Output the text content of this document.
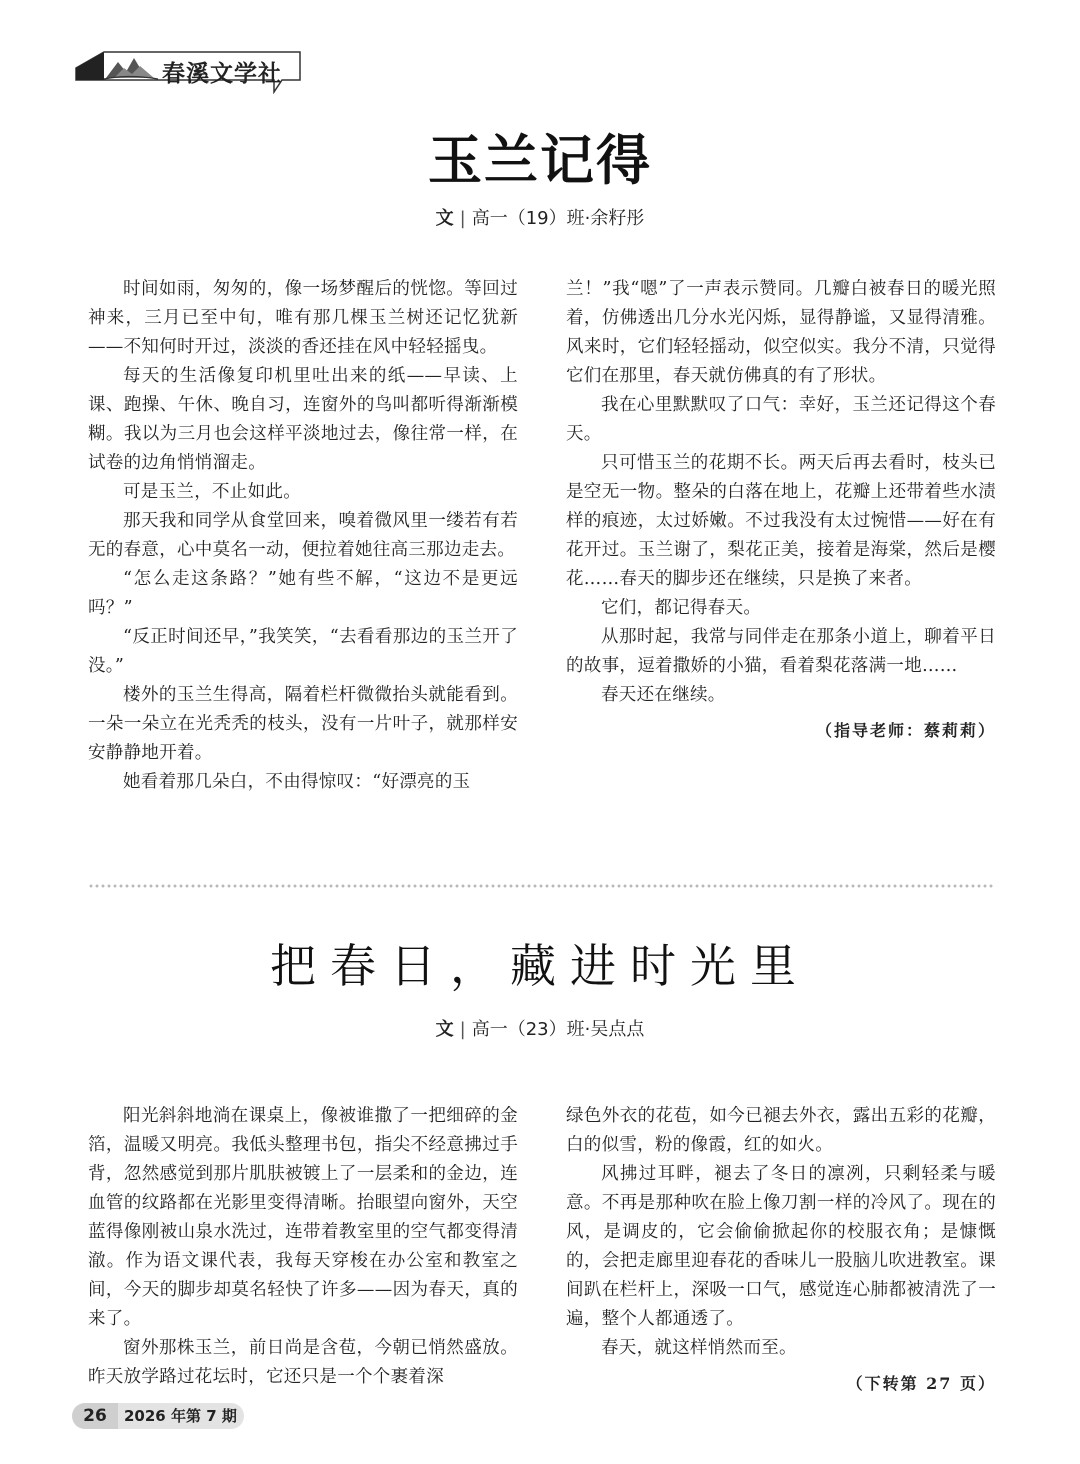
春溪文学社
玉兰记得
文 | 高一（19）班·余籽彤

时间如雨，匆匆的，像一场梦醒后的恍惚。等回过神来，三月已至中旬，唯有那几棵玉兰树还记忆犹新——不知何时开过，淡淡的香还挂在风中轻轻摇曳。

每天的生活像复印机里吐出来的纸——早读、上课、跑操、午休、晚自习，连窗外的鸟叫都听得渐渐模糊。我以为三月也会这样平淡地过去，像往常一样，在试卷的边角悄悄溜走。

可是玉兰，不止如此。

那天我和同学从食堂回来，嗅着微风里一缕若有若无的春意，心中莫名一动，便拉着她往高三那边走去。

“怎么走这条路？”她有些不解，“这边不是更远吗？”

“反正时间还早，”我笑笑，“去看看那边的玉兰开了没。”

楼外的玉兰生得高，隔着栏杆微微抬头就能看到。一朵一朵立在光秃秃的枝头，没有一片叶子，就那样安安静静地开着。

她看着那几朵白，不由得惊叹：“好漂亮的玉

兰！”我“嗯”了一声表示赞同。几瓣白被春日的暖光照着，仿佛透出几分水光闪烁，显得静谧，又显得清雅。风来时，它们轻轻摇动，似空似实。我分不清，只觉得它们在那里，春天就仿佛真的有了形状。

我在心里默默叹了口气：幸好，玉兰还记得这个春天。

只可惜玉兰的花期不长。两天后再去看时，枝头已是空无一物。整朵的白落在地上，花瓣上还带着些水渍样的痕迹，太过娇嫩。不过我没有太过惋惜——好在有花开过。玉兰谢了，梨花正美，接着是海棠，然后是樱花……春天的脚步还在继续，只是换了来者。

它们，都记得春天。

从那时起，我常与同伴走在那条小道上，聊着平日的故事，逗着撒娇的小猫，看着梨花落满一地……

春天还在继续。

（指导老师：蔡莉莉）
把春日，藏进时光里
文 | 高一（23）班·吴点点

阳光斜斜地淌在课桌上，像被谁撒了一把细碎的金箔，温暖又明亮。我低头整理书包，指尖不经意拂过手背，忽然感觉到那片肌肤被镀上了一层柔和的金边，连血管的纹路都在光影里变得清晰。抬眼望向窗外，天空蓝得像刚被山泉水洗过，连带着教室里的空气都变得清澈。作为语文课代表，我每天穿梭在办公室和教室之间，今天的脚步却莫名轻快了许多——因为春天，真的来了。

窗外那株玉兰，前日尚是含苞，今朝已悄然盛放。昨天放学路过花坛时，它还只是一个个裹着深

绿色外衣的花苞，如今已褪去外衣，露出五彩的花瓣，白的似雪，粉的像霞，红的如火。

风拂过耳畔，褪去了冬日的凛冽，只剩轻柔与暖意。不再是那种吹在脸上像刀割一样的冷风了。现在的风，是调皮的，它会偷偷掀起你的校服衣角；是慷慨的，会把走廊里迎春花的香味儿一股脑儿吹进教室。课间趴在栏杆上，深吸一口气，感觉连心肺都被清洗了一遍，整个人都通透了。

春天，就这样悄然而至。

（下转第 27 页）
26	2026 年第 7 期
